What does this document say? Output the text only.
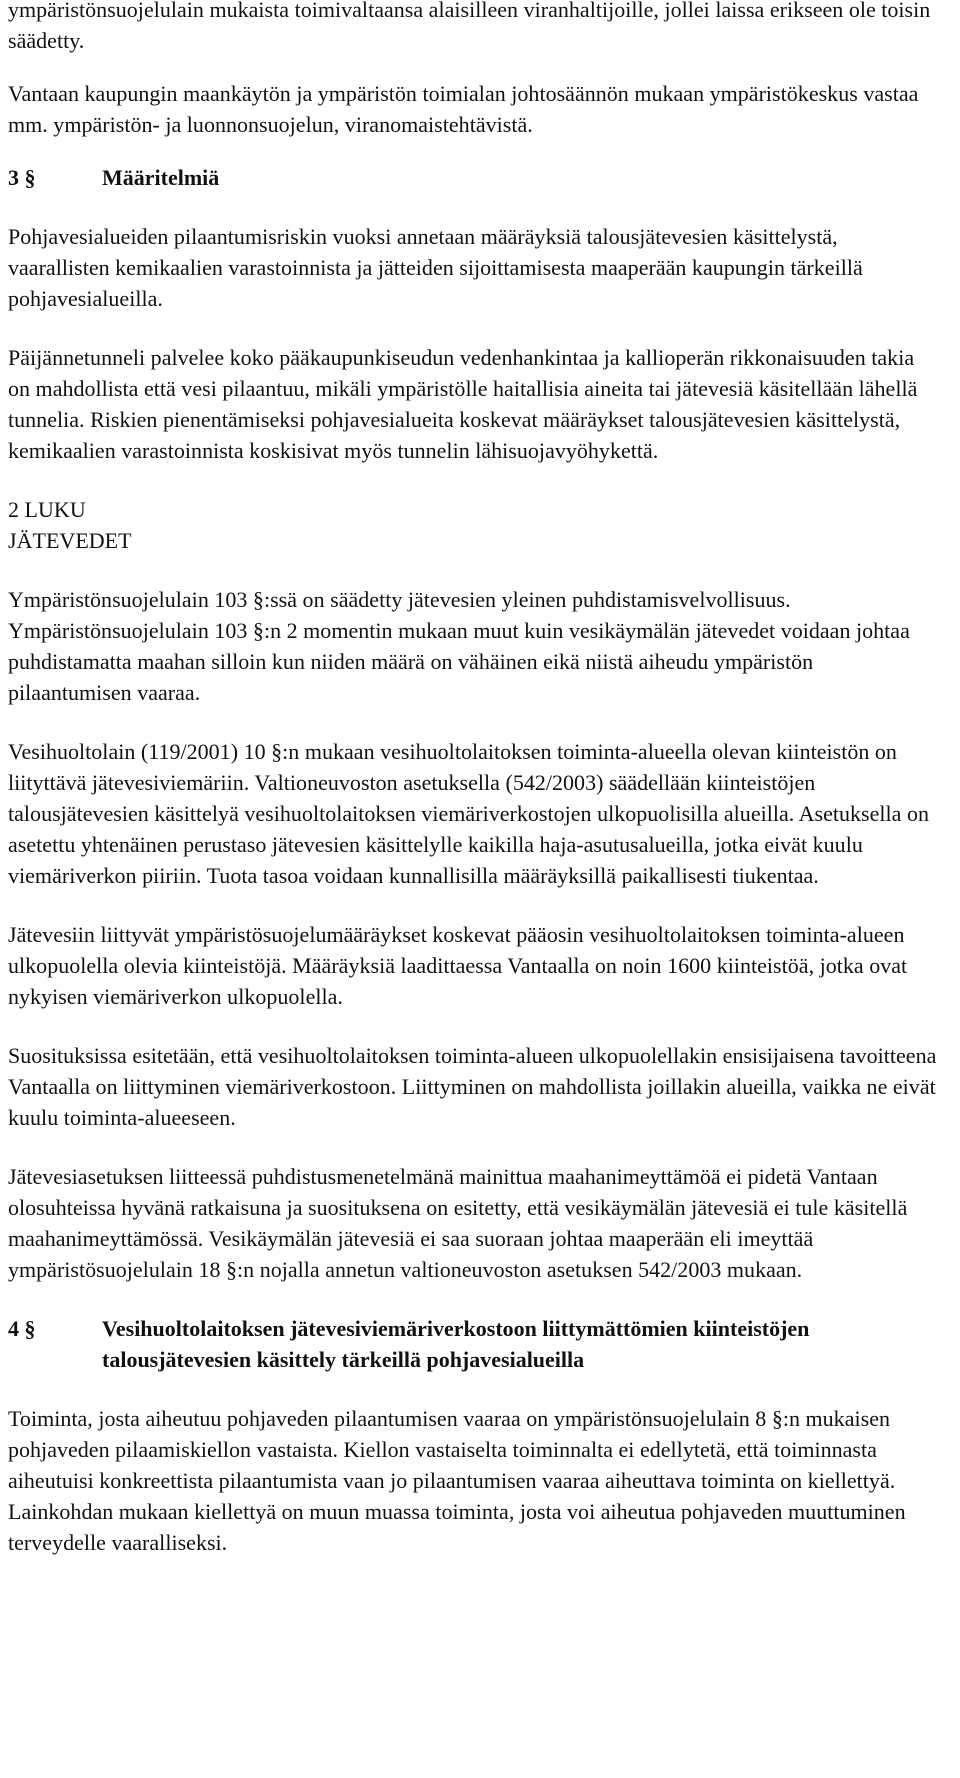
ympäristönsuojelulain mukaista toimivaltaansa alaisilleen viranhaltijoille, jollei laissa erikseen ole toisin säädetty.

Vantaan kaupungin maankäytön ja ympäristön toimialan johtosäännön mukaan ympäristökeskus vastaa mm. ympäristön- ja luonnonsuojelun, viranomaistehtävistä.

3 §	Määritelmiä

Pohjavesialueiden pilaantumisriskin vuoksi annetaan määräyksiä talousjätevesien käsittelystä, vaarallisten kemikaalien varastoinnista ja jätteiden sijoittamisesta maaperään kaupungin tärkeillä pohjavesialueilla.

Päijännetunneli palvelee koko pääkaupunkiseudun vedenhankintaa ja kallioperän rikkonaisuuden takia on mahdollista että vesi pilaantuu, mikäli ympäristölle haitallisia aineita tai jätevesiä käsitellään lähellä tunnelia. Riskien pienentämiseksi pohjavesialueita koskevat määräykset talousjätevesien käsittelystä, kemikaalien varastoinnista koskisivat myös tunnelin lähisuojavyöhykettä.

2 LUKU

JÄTEVEDET

Ympäristönsuojelulain 103 §:ssä on säädetty jätevesien yleinen puhdistamisvelvollisuus. Ympäristönsuojelulain 103 §:n 2 momentin mukaan muut kuin vesikäymälän jätevedet voidaan johtaa puhdistamatta maahan silloin kun niiden määrä on vähäinen eikä niistä aiheudu ympäristön pilaantumisen vaaraa.

Vesihuoltolain (119/2001) 10 §:n mukaan vesihuoltolaitoksen toiminta-alueella olevan kiinteistön on liityttävä jätevesiviemäriin. Valtioneuvoston asetuksella (542/2003) säädellään kiinteistöjen talousjätevesien käsittelyä vesihuoltolaitoksen viemäriverkostojen ulkopuolisilla alueilla. Asetuksella on asetettu yhtenäinen perustaso jätevesien käsittelylle kaikilla haja-asutusalueilla, jotka eivät kuulu viemäriverkon piiriin. Tuota tasoa voidaan kunnallisilla määräyksillä paikallisesti tiukentaa.

Jätevesiin liittyvät ympäristösuojelumääräykset koskevat pääosin vesihuoltolaitoksen toiminta-alueen ulkopuolella olevia kiinteistöjä. Määräyksiä laadittaessa Vantaalla on noin 1600 kiinteistöä, jotka ovat nykyisen viemäriverkon ulkopuolella.

Suosituksissa esitetään, että vesihuoltolaitoksen toiminta-alueen ulkopuolellakin ensisijaisena tavoitteena Vantaalla on liittyminen viemäriverkostoon. Liittyminen on mahdollista joillakin alueilla, vaikka ne eivät kuulu toiminta-alueeseen.

Jätevesiasetuksen liitteessä puhdistusmenetelmänä mainittua maahanimeyttämöä ei pidetä Vantaan olosuhteissa hyvänä ratkaisuna ja suosituksena on esitetty, että vesikäymälän jätevesiä ei tule käsitellä maahanimeyttämössä. Vesikäymälän jätevesiä ei saa suoraan johtaa maaperään eli imeyttää ympäristösuojelulain 18 §:n nojalla annetun valtioneuvoston asetuksen 542/2003 mukaan.

4 §	Vesihuoltolaitoksen jätevesiviemäriverkostoon liittymättömien kiinteistöjen talousjätevesien käsittely tärkeillä pohjavesialueilla

Toiminta, josta aiheutuu pohjaveden pilaantumisen vaaraa on ympäristönsuojelulain 8 §:n mukaisen pohjaveden pilaamiskiellon vastaista. Kiellon vastaiselta toiminnalta ei edellytetä, että toiminnasta aiheutuisi konkreettista pilaantumista vaan jo pilaantumisen vaaraa aiheuttava toiminta on kiellettyä. Lainkohdan mukaan kiellettyä on muun muassa toiminta, josta voi aiheutua pohjaveden muuttuminen terveydelle vaaralliseksi.
